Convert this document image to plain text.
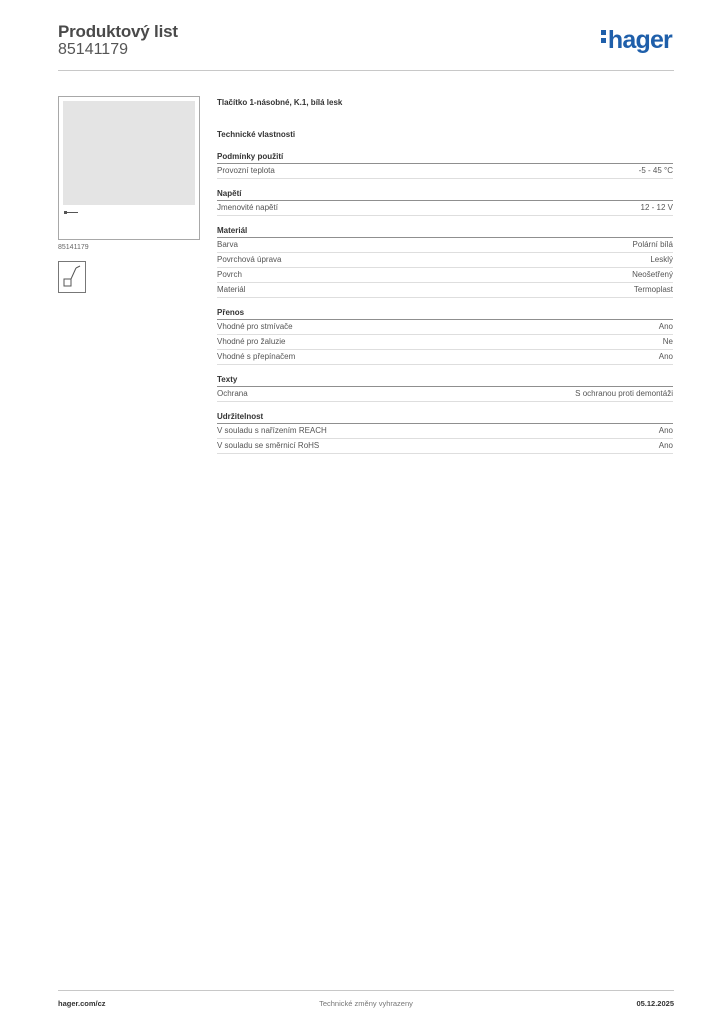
Produktový list
85141179	hager
85141179
Tlačítko 1-násobné, K.1, bílá lesk
Technické vlastnosti
Podmínky použití
Provozní teplota	-5 - 45 °C
Napětí
Jmenovité napětí	12 - 12 V
Materiál
Barva	Polární bílá
Povrchová úprava	Lesklý
Povrch	Neošetřený
Materiál	Termoplast
Přenos
Vhodné pro stmívače	Ano
Vhodné pro žaluzie	Ne
Vhodné s přepínačem	Ano
Texty
Ochrana	S ochranou proti demontáži
Udržitelnost
V souladu s nařízením REACH	Ano
V souladu se směrnicí RoHS	Ano
hager.com/cz	Technické změny vyhrazeny	05.12.2025
